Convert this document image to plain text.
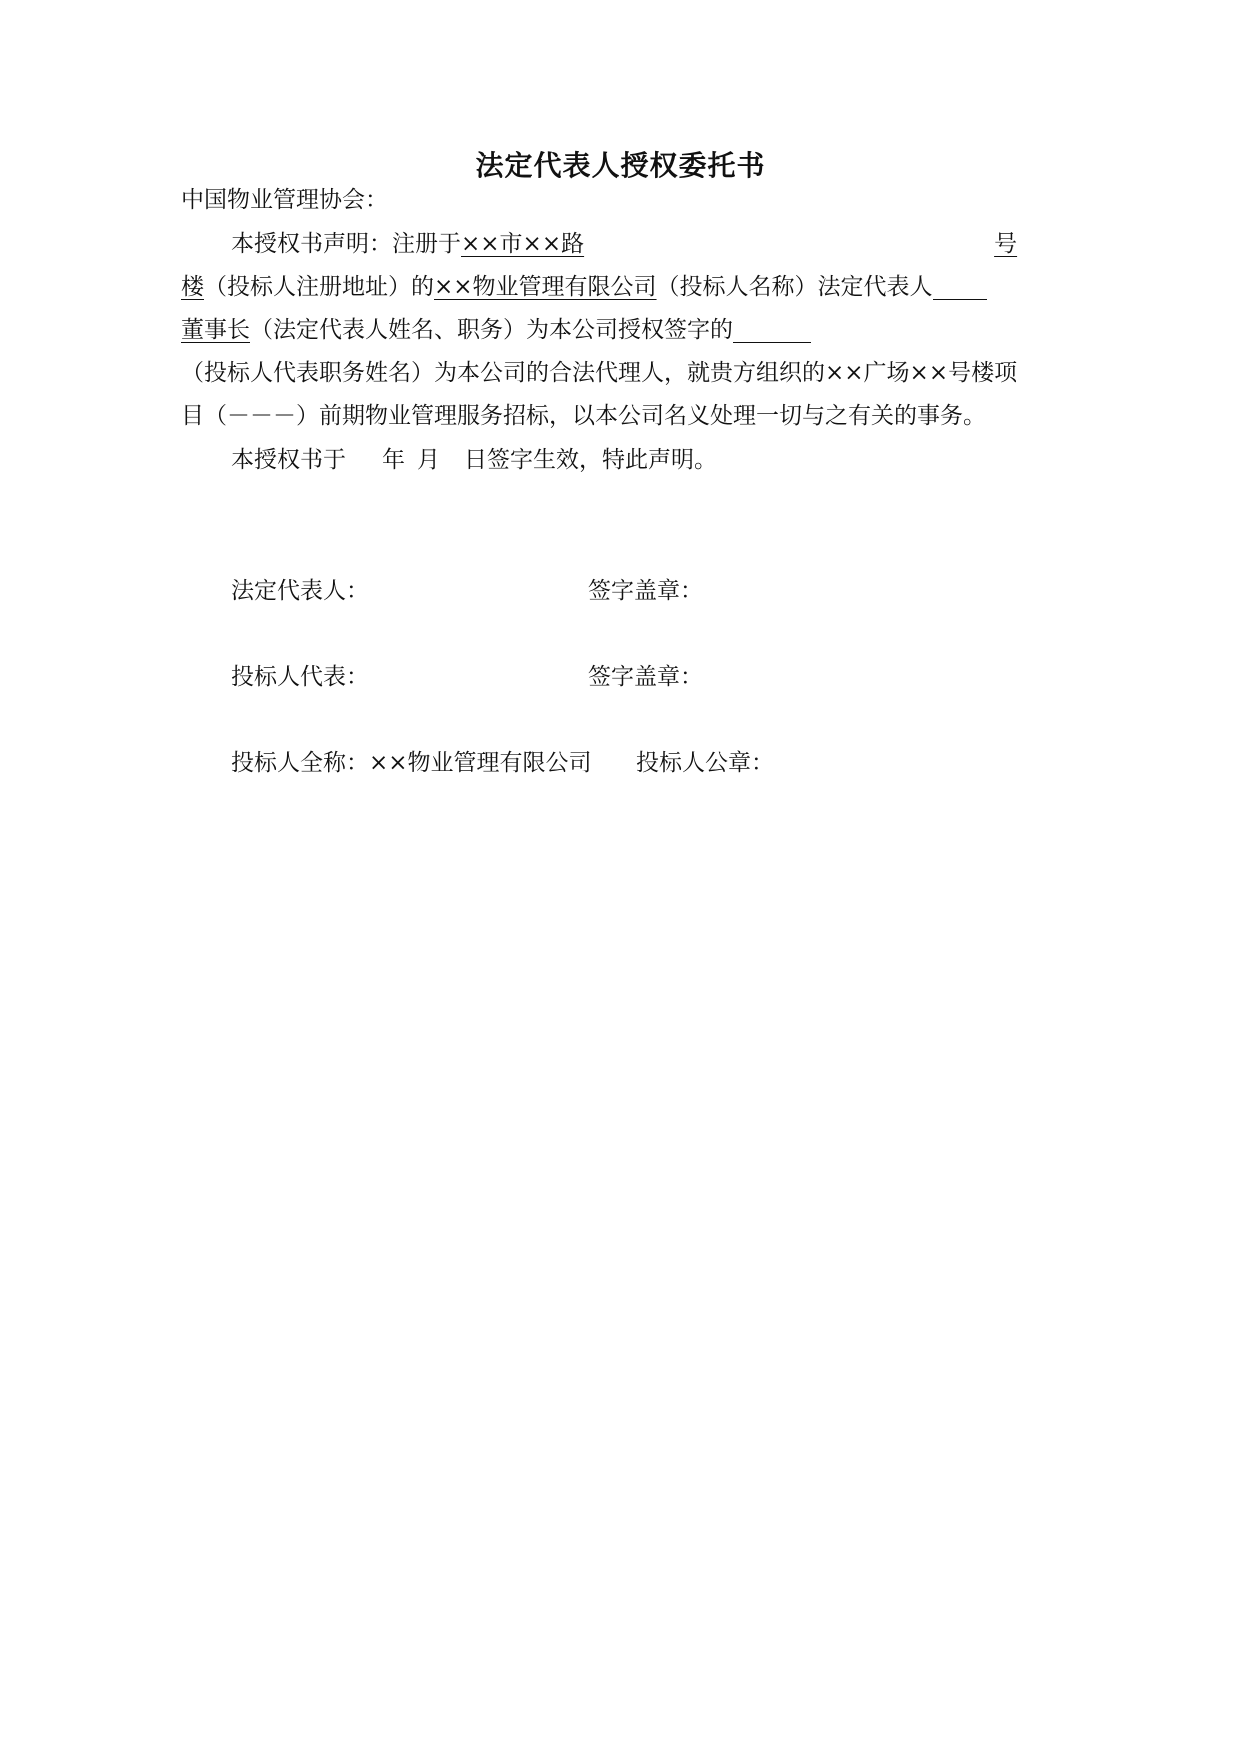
法定代表人授权委托书
中国物业管理协会：
本授权书声明：注册于××市××路	号
楼（投标人注册地址）的××物业管理有限公司（投标人名称）法定代表人
董事长（法定代表人姓名、职务）为本公司授权签字的
（投标人代表职务姓名）为本公司的合法代理人，就贵方组织的××广场××号楼项
目（－－－）前期物业管理服务招标，以本公司名义处理一切与之有关的事务。
本授权书于 年 月 日签字生效，特此声明。
法定代表人：	签字盖章：
投标人代表：	签字盖章：
投标人全称：××物业管理有限公司 投标人公章：
